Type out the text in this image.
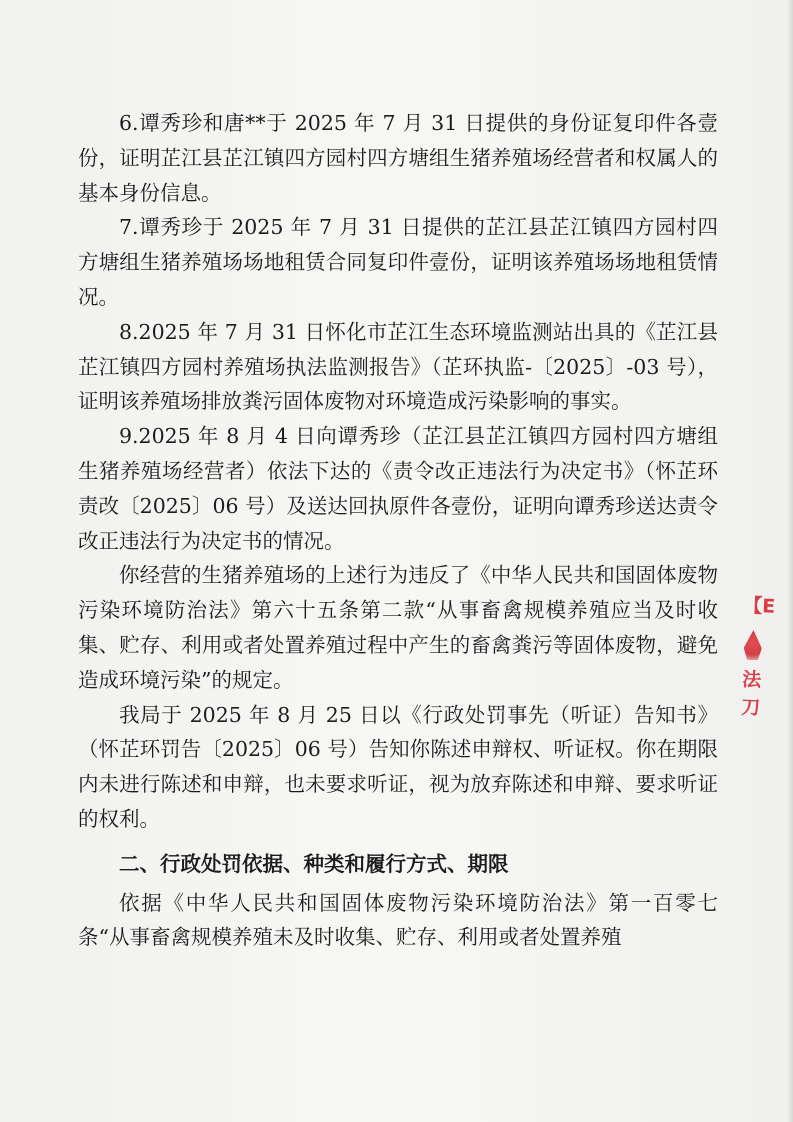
6.谭秀珍和唐**于 2025 年 7 月 31 日提供的身份证复印件各壹份，证明芷江县芷江镇四方园村四方塘组生猪养殖场经营者和权属人的基本身份信息。

7.谭秀珍于 2025 年 7 月 31 日提供的芷江县芷江镇四方园村四方塘组生猪养殖场场地租赁合同复印件壹份，证明该养殖场场地租赁情况。

8.2025 年 7 月 31 日怀化市芷江生态环境监测站出具的《芷江县芷江镇四方园村养殖场执法监测报告》（芷环执监-〔2025〕-03 号），证明该养殖场排放粪污固体废物对环境造成污染影响的事实。

9.2025 年 8 月 4 日向谭秀珍（芷江县芷江镇四方园村四方塘组生猪养殖场经营者）依法下达的《责令改正违法行为决定书》（怀芷环责改〔2025〕06 号）及送达回执原件各壹份，证明向谭秀珍送达责令改正违法行为决定书的情况。

你经营的生猪养殖场的上述行为违反了《中华人民共和国固体废物污染环境防治法》第六十五条第二款“从事畜禽规模养殖应当及时收集、贮存、利用或者处置养殖过程中产生的畜禽粪污等固体废物，避免造成环境污染”的规定。

我局于 2025 年 8 月 25 日以《行政处罚事先（听证）告知书》（怀芷环罚告〔2025〕06 号）告知你陈述申辩权、听证权。你在期限内未进行陈述和申辩，也未要求听证，视为放弃陈述和申辩、要求听证的权利。

二、行政处罚依据、种类和履行方式、期限

依据《中华人民共和国固体废物污染环境防治法》第一百零七条“从事畜禽规模养殖未及时收集、贮存、利用或者处置养殖

【E
法刀
